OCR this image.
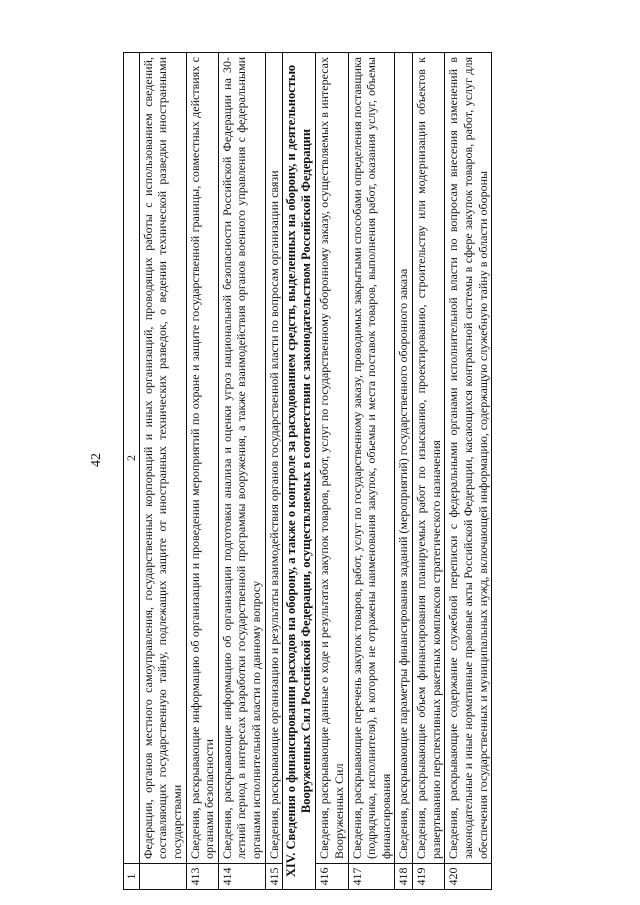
42
1	2
	Федерации, органов местного самоуправления, государственных корпораций и иных организаций, проводящих работы с использованием сведений, составляющих государственную тайну, подлежащих защите от иностранных технических разведок, о ведении технической разведки иностранными государствами
413	Сведения, раскрывающие информацию об организации и проведении мероприятий по охране и защите государственной границы, совместных действиях с органами безопасности
414	Сведения, раскрывающие информацию об организации подготовки анализа и оценки угроз национальной безопасности Российской Федерации на 30-летний период в интересах разработки государственной программы вооружения, а также взаимодействия органов военного управления с федеральными органами исполнительной власти по данному вопросу
415	Сведения, раскрывающие организацию и результаты взаимодействия органов государственной власти по вопросам организации связи
XIV. Сведения о финансировании расходов на оборону, а также о контроле за расходованием средств, выделенных на оборону, и деятельностью Вооруженных Сил Российской Федерации, осуществляемых в соответствии с законодательством Российской Федерации	
416	Сведения, раскрывающие данные о ходе и результатах закупок товаров, работ, услуг по государственному оборонному заказу, осуществляемых в интересах Вооруженных Сил
417	Сведения, раскрывающие перечень закупок товаров, работ, услуг по государственному заказу, проводимых закрытыми способами определения поставщика (подрядчика, исполнителя), в котором не отражены наименования закупок, объемы и места поставок товаров, выполнения работ, оказания услуг, объемы финансирования
418	Сведения, раскрывающие параметры финансирования заданий (мероприятий) государственного оборонного заказа
419	Сведения, раскрывающие объем финансирования планируемых работ по изысканию, проектированию, строительству или модернизации объектов к развертыванию перспективных ракетных комплексов стратегического назначения
420	Сведения, раскрывающие содержание служебной переписки с федеральными органами исполнительной власти по вопросам внесения изменений в законодательные и иные нормативные правовые акты Российской Федерации, касающихся контрактной системы в сфере закупок товаров, работ, услуг для обеспечения государственных и муниципальных нужд, включающей информацию, содержащую служебную тайну в области обороны
